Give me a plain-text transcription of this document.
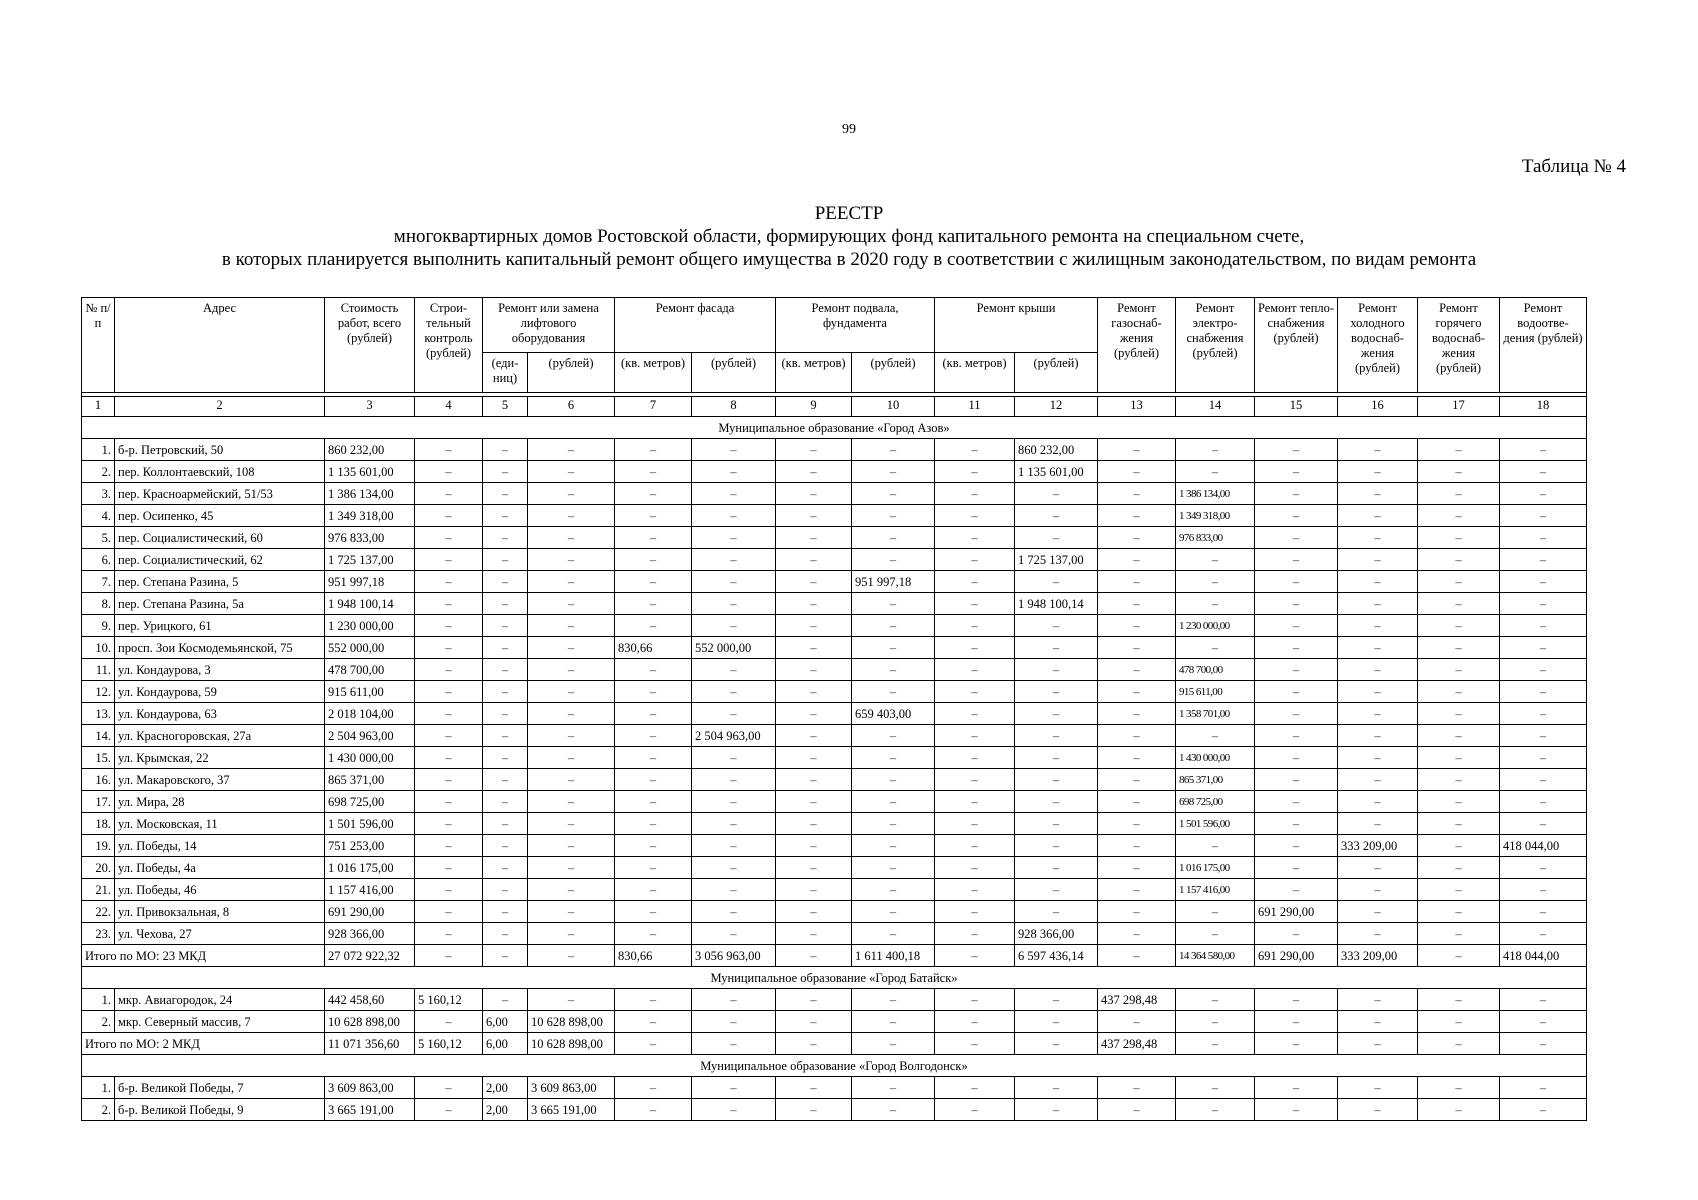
99
Таблица № 4
РЕЕСТР
многоквартирных домов Ростовской области, формирующих фонд капитального ремонта на специальном счете,
в которых планируется выполнить капитальный ремонт общего имущества в 2020 году в соответствии с жилищным законодательством, по видам ремонта
№ п/п	Адрес	Стоимость работ, всего (рублей)	Строи-тельный контроль (рублей)	Ремонт или замена лифтового оборудования		Ремонт фасада		Ремонт подвала, фундамента		Ремонт крыши		Ремонт газоснаб-жения (рублей)	Ремонт электро-снабжения (рублей)	Ремонт тепло-снабжения (рублей)	Ремонт холодного водоснаб-жения (рублей)	Ремонт горячего водоснаб-жения (рублей)	Ремонт водоотве-дения (рублей)
				(еди-ниц)	(рублей)	(кв. метров)	(рублей)	(кв. метров)	(рублей)	(кв. метров)	(рублей)						

1	2	3	4	5	6	7	8	9	10	11	12	13	14	15	16	17	18
Муниципальное образование «Город Азов»																	
1.	б-р. Петровский, 50	860 232,00	–	–	–	–	–	–	–	–	860 232,00	–	–	–	–	–	–
2.	пер. Коллонтаевский, 108	1 135 601,00	–	–	–	–	–	–	–	–	1 135 601,00	–	–	–	–	–	–
3.	пер. Красноармейский, 51/53	1 386 134,00	–	–	–	–	–	–	–	–	–	–	1 386 134,00	–	–	–	–
4.	пер. Осипенко, 45	1 349 318,00	–	–	–	–	–	–	–	–	–	–	1 349 318,00	–	–	–	–
5.	пер. Социалистический, 60	976 833,00	–	–	–	–	–	–	–	–	–	–	976 833,00	–	–	–	–
6.	пер. Социалистический, 62	1 725 137,00	–	–	–	–	–	–	–	–	1 725 137,00	–	–	–	–	–	–
7.	пер. Степана Разина, 5	951 997,18	–	–	–	–	–	–	951 997,18	–	–	–	–	–	–	–	–
8.	пер. Степана Разина, 5а	1 948 100,14	–	–	–	–	–	–	–	–	1 948 100,14	–	–	–	–	–	–
9.	пер. Урицкого, 61	1 230 000,00	–	–	–	–	–	–	–	–	–	–	1 230 000,00	–	–	–	–
10.	просп. Зои Космодемьянской, 75	552 000,00	–	–	–	830,66	552 000,00	–	–	–	–	–	–	–	–	–	–
11.	ул. Кондаурова, 3	478 700,00	–	–	–	–	–	–	–	–	–	–	478 700,00	–	–	–	–
12.	ул. Кондаурова, 59	915 611,00	–	–	–	–	–	–	–	–	–	–	915 611,00	–	–	–	–
13.	ул. Кондаурова, 63	2 018 104,00	–	–	–	–	–	–	659 403,00	–	–	–	1 358 701,00	–	–	–	–
14.	ул. Красногоровская, 27а	2 504 963,00	–	–	–	–	2 504 963,00	–	–	–	–	–	–	–	–	–	–
15.	ул. Крымская, 22	1 430 000,00	–	–	–	–	–	–	–	–	–	–	1 430 000,00	–	–	–	–
16.	ул. Макаровского, 37	865 371,00	–	–	–	–	–	–	–	–	–	–	865 371,00	–	–	–	–
17.	ул. Мира, 28	698 725,00	–	–	–	–	–	–	–	–	–	–	698 725,00	–	–	–	–
18.	ул. Московская, 11	1 501 596,00	–	–	–	–	–	–	–	–	–	–	1 501 596,00	–	–	–	–
19.	ул. Победы, 14	751 253,00	–	–	–	–	–	–	–	–	–	–	–	–	333 209,00	–	418 044,00
20.	ул. Победы, 4а	1 016 175,00	–	–	–	–	–	–	–	–	–	–	1 016 175,00	–	–	–	–
21.	ул. Победы, 46	1 157 416,00	–	–	–	–	–	–	–	–	–	–	1 157 416,00	–	–	–	–
22.	ул. Привокзальная, 8	691 290,00	–	–	–	–	–	–	–	–	–	–	–	691 290,00	–	–	–
23.	ул. Чехова, 27	928 366,00	–	–	–	–	–	–	–	–	928 366,00	–	–	–	–	–	–
Итого по МО: 23 МКД		27 072 922,32	–	–	–	830,66	3 056 963,00	–	1 611 400,18	–	6 597 436,14	–	14 364 580,00	691 290,00	333 209,00	–	418 044,00
Муниципальное образование «Город Батайск»																	
1.	мкр. Авиагородок, 24	442 458,60	5 160,12	–	–	–	–	–	–	–	–	437 298,48	–	–	–	–	–
2.	мкр. Северный массив, 7	10 628 898,00	–	6,00	10 628 898,00	–	–	–	–	–	–	–	–	–	–	–	–
Итого по МО: 2 МКД		11 071 356,60	5 160,12	6,00	10 628 898,00	–	–	–	–	–	–	437 298,48	–	–	–	–	–
Муниципальное образование «Город Волгодонск»																	
1.	б-р. Великой Победы, 7	3 609 863,00	–	2,00	3 609 863,00	–	–	–	–	–	–	–	–	–	–	–	–
2.	б-р. Великой Победы, 9	3 665 191,00	–	2,00	3 665 191,00	–	–	–	–	–	–	–	–	–	–	–	–
